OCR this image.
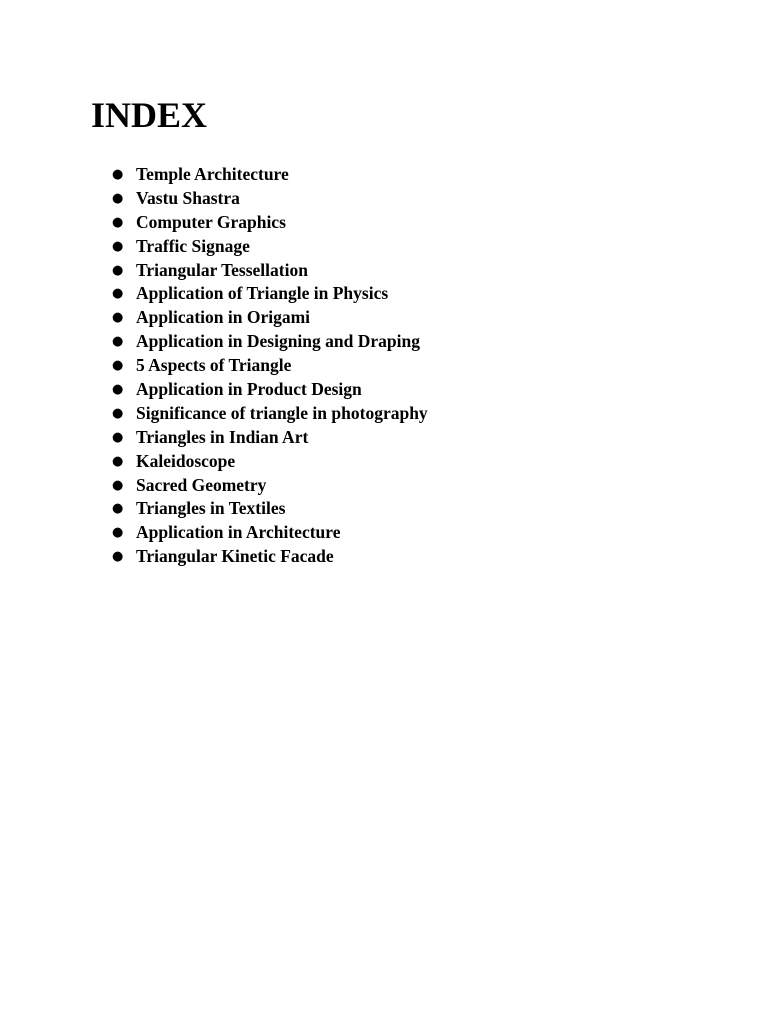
INDEX
● Temple Architecture
● Vastu Shastra
● Computer Graphics
● Traffic Signage
● Triangular Tessellation
● Application of Triangle in Physics
● Application in Origami
● Application in Designing and Draping
● 5 Aspects of Triangle
● Application in Product Design
● Significance of triangle in photography
● Triangles in Indian Art
● Kaleidoscope
● Sacred Geometry
● Triangles in Textiles
● Application in Architecture
● Triangular Kinetic Facade
